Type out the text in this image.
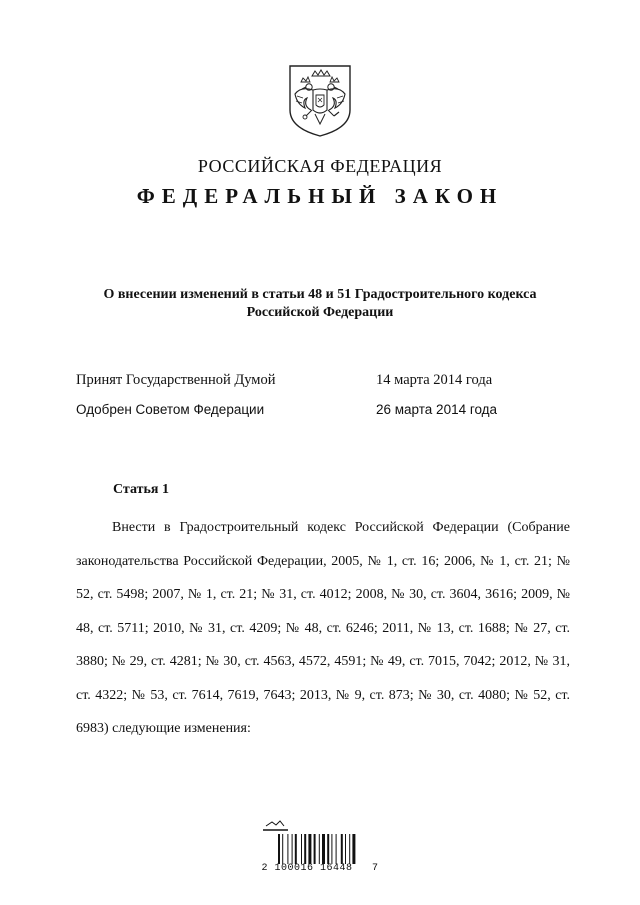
РОССИЙСКАЯ ФЕДЕРАЦИЯ
ФЕДЕРАЛЬНЫЙ ЗАКОН
О внесении изменений в статьи 48 и 51 Градостроительного кодекса
Российской Федерации
Принят Государственной Думой	14 марта 2014 года
Одобрен Советом Федерации	26 марта 2014 года
Статья 1

Внести в Градостроительный кодекс Российской Федерации (Собрание законодательства Российской Федерации, 2005, № 1, ст. 16; 2006, № 1, ст. 21; № 52, ст. 5498; 2007, № 1, ст. 21; № 31, ст. 4012; 2008, № 30, ст. 3604, 3616; 2009, № 48, ст. 5711; 2010, № 31, ст. 4209; № 48, ст. 6246; 2011, № 13, ст. 1688; № 27, ст. 3880; № 29, ст. 4281; № 30, ст. 4563, 4572, 4591; № 49, ст. 7015, 7042; 2012, № 31, ст. 4322; № 53, ст. 7614, 7619, 7643; 2013, № 9, ст. 873; № 30, ст. 4080; № 52, ст. 6983) следующие изменения:

2 100016 16448   7
